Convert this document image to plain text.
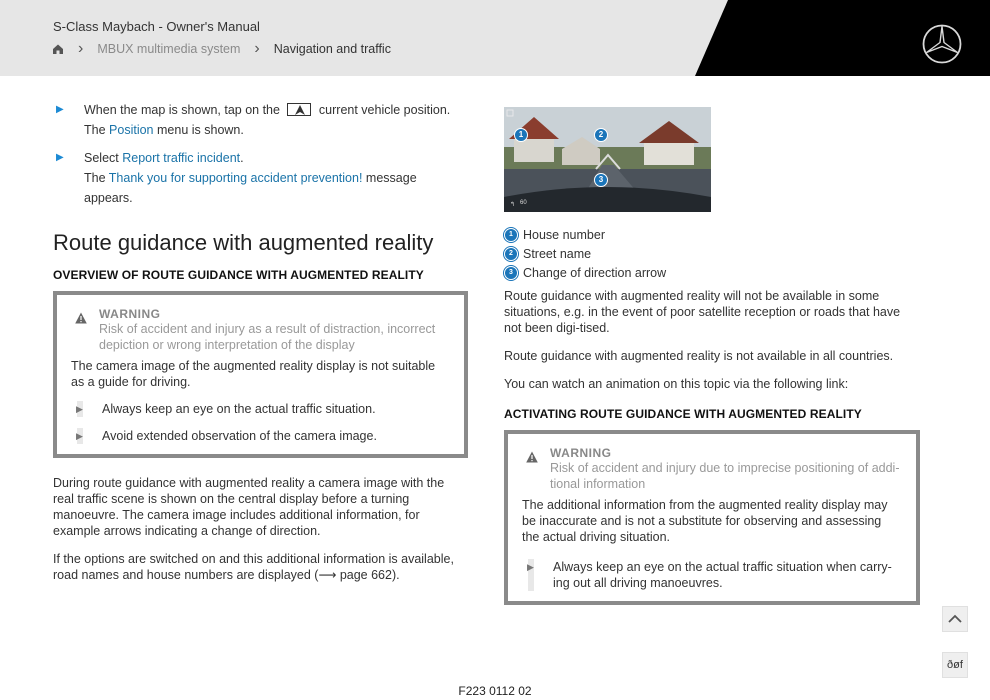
S-Class Maybach - Owner's Manual
› MBUX multimedia system › Navigation and traffic
▶ When the map is shown, tap on the	current vehicle position.
The Position menu is shown.
▶ Select Report traffic incident.
The Thank you for supporting accident prevention! message appears.
Route guidance with augmented reality
OVERVIEW OF ROUTE GUIDANCE WITH AUGMENTED REALITY
WARNING
Risk of accident and injury as a result of distraction, incorrect depiction or wrong interpretation of the display
The camera image of the augmented reality display is not suitable as a guide for driving.
▶ Always keep an eye on the actual traffic situation.
▶ Avoid extended observation of the camera image.

During route guidance with augmented reality a camera image with the real traffic scene is shown on the central display before a turning manoeuvre. The camera image includes additional information, for example arrows indicating a change of direction.

If the options are switched on and this additional information is available, road names and house numbers are displayed (⟶ page 662).

↰
1	2
3
60
1 House number
2 Street name
3 Change of direction arrow

Route guidance with augmented reality will not be available in some situations, e.g. in the event of poor satellite reception or roads that have not been digi-tised.

Route guidance with augmented reality is not available in all countries.

You can watch an animation on this topic via the following link:

ACTIVATING ROUTE GUIDANCE WITH AUGMENTED REALITY
WARNING
Risk of accident and injury due to imprecise positioning of addi-tional information
The additional information from the augmented reality display may be inaccurate and is not a substitute for observing and assessing the actual driving situation.
▶ Always keep an eye on the actual traffic situation when carry-ing out all driving manoeuvres.
ðøf
F223 0112 02
